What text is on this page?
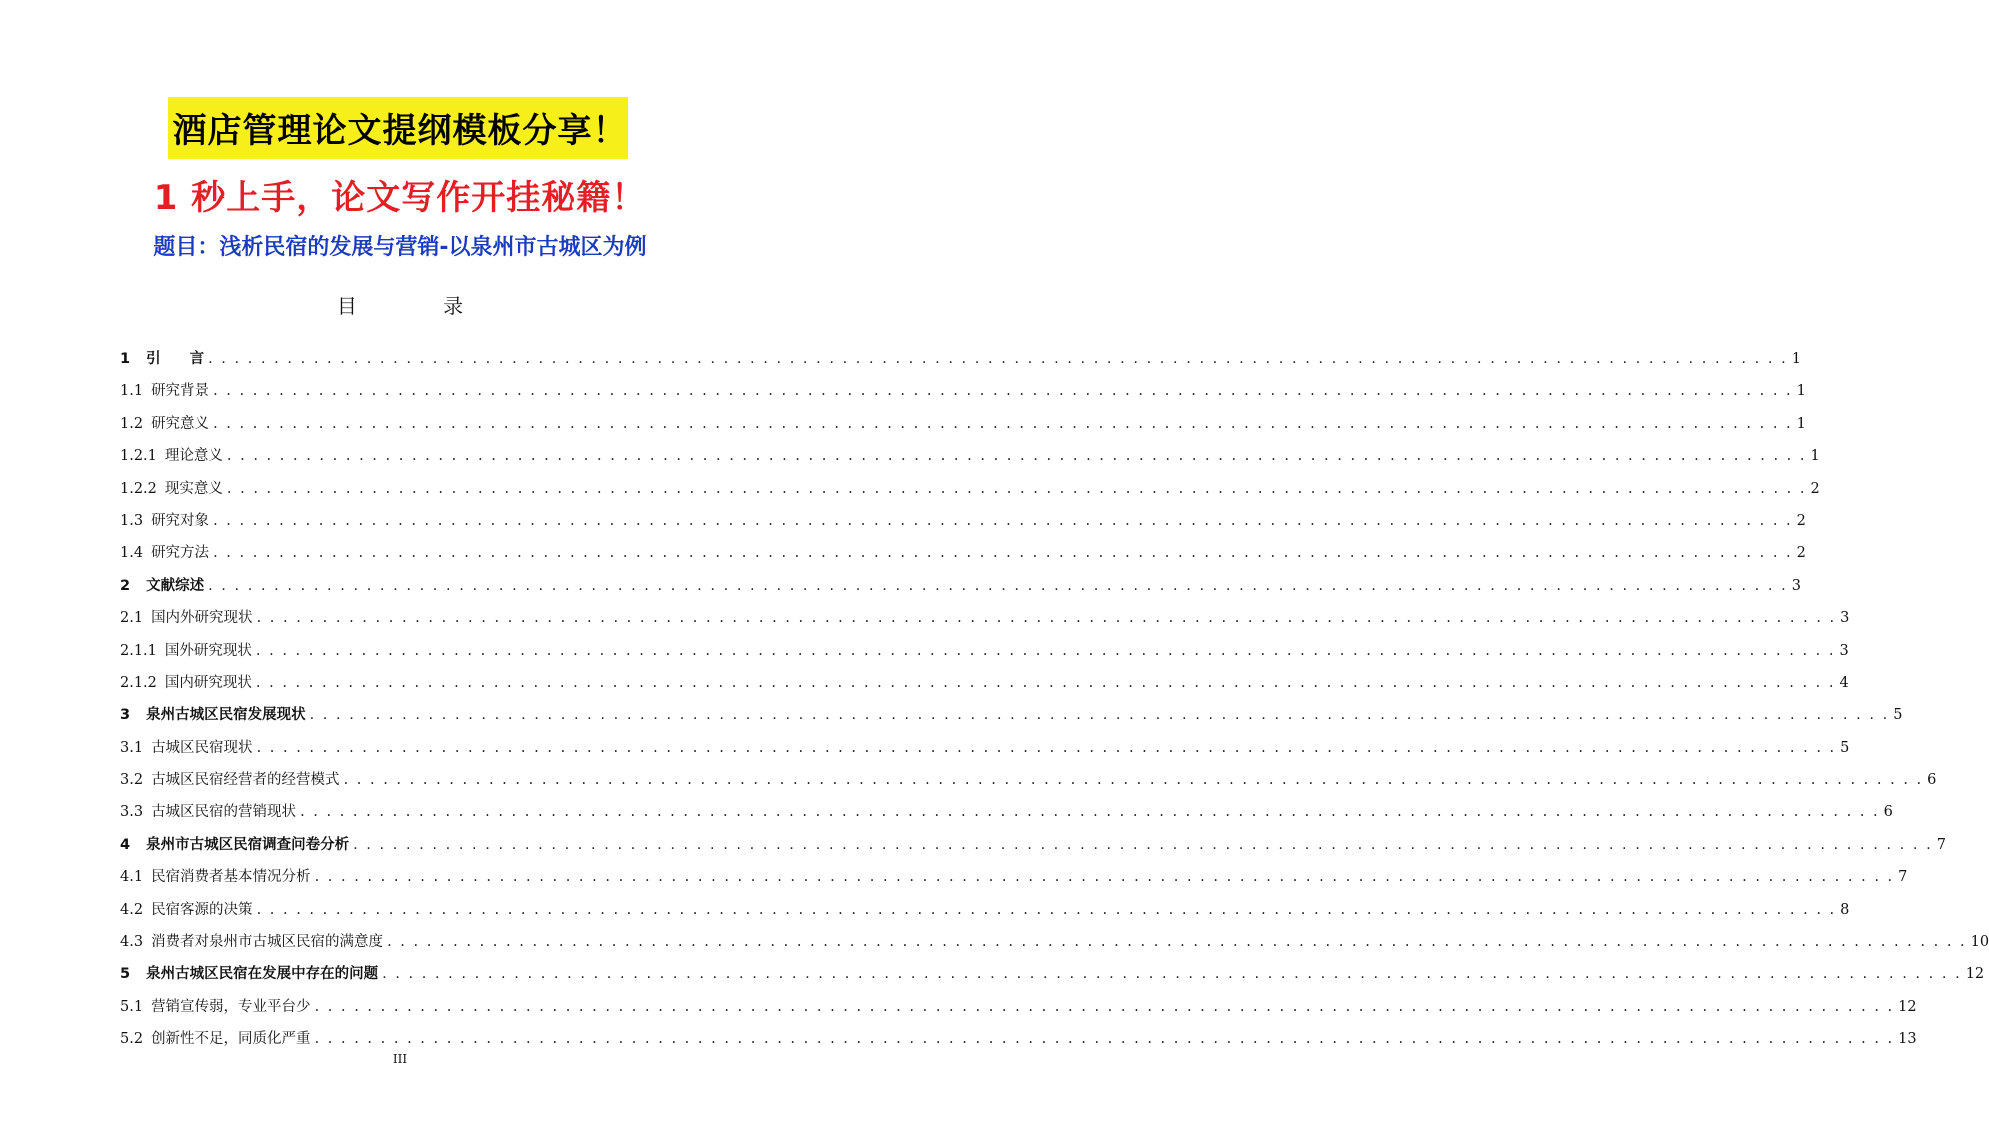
酒店管理论文提纲模板分享！
1 秒上手，论文写作开挂秘籍！
题目：浅析民宿的发展与营销-以泉州市古城区为例
目 录
1 引　　言 . . . . . . . . . . . . . . . . . . . . . . . . . . . . . . . . . . . . . . . . . . . . . . . . . . . . . . . . . . . . . . . . . . . . . . . . . . . . . . . . . . . . . . . . . . . . . . . . . . . . . . . . . . . . . . . . . . . . . . . . 1
1.1 研究背景 . . . . . . . . . . . . . . . . . . . . . . . . . . . . . . . . . . . . . . . . . . . . . . . . . . . . . . . . . . . . . . . . . . . . . . . . . . . . . . . . . . . . . . . . . . . . . . . . . . . . . . . . . . . . . . . . . . . . . . . . 1
1.2 研究意义 . . . . . . . . . . . . . . . . . . . . . . . . . . . . . . . . . . . . . . . . . . . . . . . . . . . . . . . . . . . . . . . . . . . . . . . . . . . . . . . . . . . . . . . . . . . . . . . . . . . . . . . . . . . . . . . . . . . . . . . . 1
1.2.1 理论意义 . . . . . . . . . . . . . . . . . . . . . . . . . . . . . . . . . . . . . . . . . . . . . . . . . . . . . . . . . . . . . . . . . . . . . . . . . . . . . . . . . . . . . . . . . . . . . . . . . . . . . . . . . . . . . . . . . . . . . . . . 1
1.2.2 现实意义 . . . . . . . . . . . . . . . . . . . . . . . . . . . . . . . . . . . . . . . . . . . . . . . . . . . . . . . . . . . . . . . . . . . . . . . . . . . . . . . . . . . . . . . . . . . . . . . . . . . . . . . . . . . . . . . . . . . . . . . . 2
1.3 研究对象 . . . . . . . . . . . . . . . . . . . . . . . . . . . . . . . . . . . . . . . . . . . . . . . . . . . . . . . . . . . . . . . . . . . . . . . . . . . . . . . . . . . . . . . . . . . . . . . . . . . . . . . . . . . . . . . . . . . . . . . . 2
1.4 研究方法 . . . . . . . . . . . . . . . . . . . . . . . . . . . . . . . . . . . . . . . . . . . . . . . . . . . . . . . . . . . . . . . . . . . . . . . . . . . . . . . . . . . . . . . . . . . . . . . . . . . . . . . . . . . . . . . . . . . . . . . . 2
2 文献综述 . . . . . . . . . . . . . . . . . . . . . . . . . . . . . . . . . . . . . . . . . . . . . . . . . . . . . . . . . . . . . . . . . . . . . . . . . . . . . . . . . . . . . . . . . . . . . . . . . . . . . . . . . . . . . . . . . . . . . . . . 3
2.1 国内外研究现状 . . . . . . . . . . . . . . . . . . . . . . . . . . . . . . . . . . . . . . . . . . . . . . . . . . . . . . . . . . . . . . . . . . . . . . . . . . . . . . . . . . . . . . . . . . . . . . . . . . . . . . . . . . . . . . . . . . . . . . . . 3
2.1.1 国外研究现状 . . . . . . . . . . . . . . . . . . . . . . . . . . . . . . . . . . . . . . . . . . . . . . . . . . . . . . . . . . . . . . . . . . . . . . . . . . . . . . . . . . . . . . . . . . . . . . . . . . . . . . . . . . . . . . . . . . . . . . . . 3
2.1.2 国内研究现状 . . . . . . . . . . . . . . . . . . . . . . . . . . . . . . . . . . . . . . . . . . . . . . . . . . . . . . . . . . . . . . . . . . . . . . . . . . . . . . . . . . . . . . . . . . . . . . . . . . . . . . . . . . . . . . . . . . . . . . . . 4
3 泉州古城区民宿发展现状 . . . . . . . . . . . . . . . . . . . . . . . . . . . . . . . . . . . . . . . . . . . . . . . . . . . . . . . . . . . . . . . . . . . . . . . . . . . . . . . . . . . . . . . . . . . . . . . . . . . . . . . . . . . . . . . . . . . . . . . . 5
3.1 古城区民宿现状 . . . . . . . . . . . . . . . . . . . . . . . . . . . . . . . . . . . . . . . . . . . . . . . . . . . . . . . . . . . . . . . . . . . . . . . . . . . . . . . . . . . . . . . . . . . . . . . . . . . . . . . . . . . . . . . . . . . . . . . . 5
3.2 古城区民宿经营者的经营模式 . . . . . . . . . . . . . . . . . . . . . . . . . . . . . . . . . . . . . . . . . . . . . . . . . . . . . . . . . . . . . . . . . . . . . . . . . . . . . . . . . . . . . . . . . . . . . . . . . . . . . . . . . . . . . . . . . . . . . . . . 6
3.3 古城区民宿的营销现状 . . . . . . . . . . . . . . . . . . . . . . . . . . . . . . . . . . . . . . . . . . . . . . . . . . . . . . . . . . . . . . . . . . . . . . . . . . . . . . . . . . . . . . . . . . . . . . . . . . . . . . . . . . . . . . . . . . . . . . . . 6
4 泉州市古城区民宿调查问卷分析 . . . . . . . . . . . . . . . . . . . . . . . . . . . . . . . . . . . . . . . . . . . . . . . . . . . . . . . . . . . . . . . . . . . . . . . . . . . . . . . . . . . . . . . . . . . . . . . . . . . . . . . . . . . . . . . . . . . . . . . . 7
4.1 民宿消费者基本情况分析 . . . . . . . . . . . . . . . . . . . . . . . . . . . . . . . . . . . . . . . . . . . . . . . . . . . . . . . . . . . . . . . . . . . . . . . . . . . . . . . . . . . . . . . . . . . . . . . . . . . . . . . . . . . . . . . . . . . . . . . . 7
4.2 民宿客源的决策 . . . . . . . . . . . . . . . . . . . . . . . . . . . . . . . . . . . . . . . . . . . . . . . . . . . . . . . . . . . . . . . . . . . . . . . . . . . . . . . . . . . . . . . . . . . . . . . . . . . . . . . . . . . . . . . . . . . . . . . . 8
4.3 消费者对泉州市古城区民宿的满意度 . . . . . . . . . . . . . . . . . . . . . . . . . . . . . . . . . . . . . . . . . . . . . . . . . . . . . . . . . . . . . . . . . . . . . . . . . . . . . . . . . . . . . . . . . . . . . . . . . . . . . . . . . . . . . . . . . . . . . . . . 10
5 泉州古城区民宿在发展中存在的问题 . . . . . . . . . . . . . . . . . . . . . . . . . . . . . . . . . . . . . . . . . . . . . . . . . . . . . . . . . . . . . . . . . . . . . . . . . . . . . . . . . . . . . . . . . . . . . . . . . . . . . . . . . . . . . . . . . . . . . . . . 12
5.1 营销宣传弱，专业平台少 . . . . . . . . . . . . . . . . . . . . . . . . . . . . . . . . . . . . . . . . . . . . . . . . . . . . . . . . . . . . . . . . . . . . . . . . . . . . . . . . . . . . . . . . . . . . . . . . . . . . . . . . . . . . . . . . . . . . . . . . 12
5.2 创新性不足，同质化严重 . . . . . . . . . . . . . . . . . . . . . . . . . . . . . . . . . . . . . . . . . . . . . . . . . . . . . . . . . . . . . . . . . . . . . . . . . . . . . . . . . . . . . . . . . . . . . . . . . . . . . . . . . . . . . . . . . . . . . . . . 13
III
